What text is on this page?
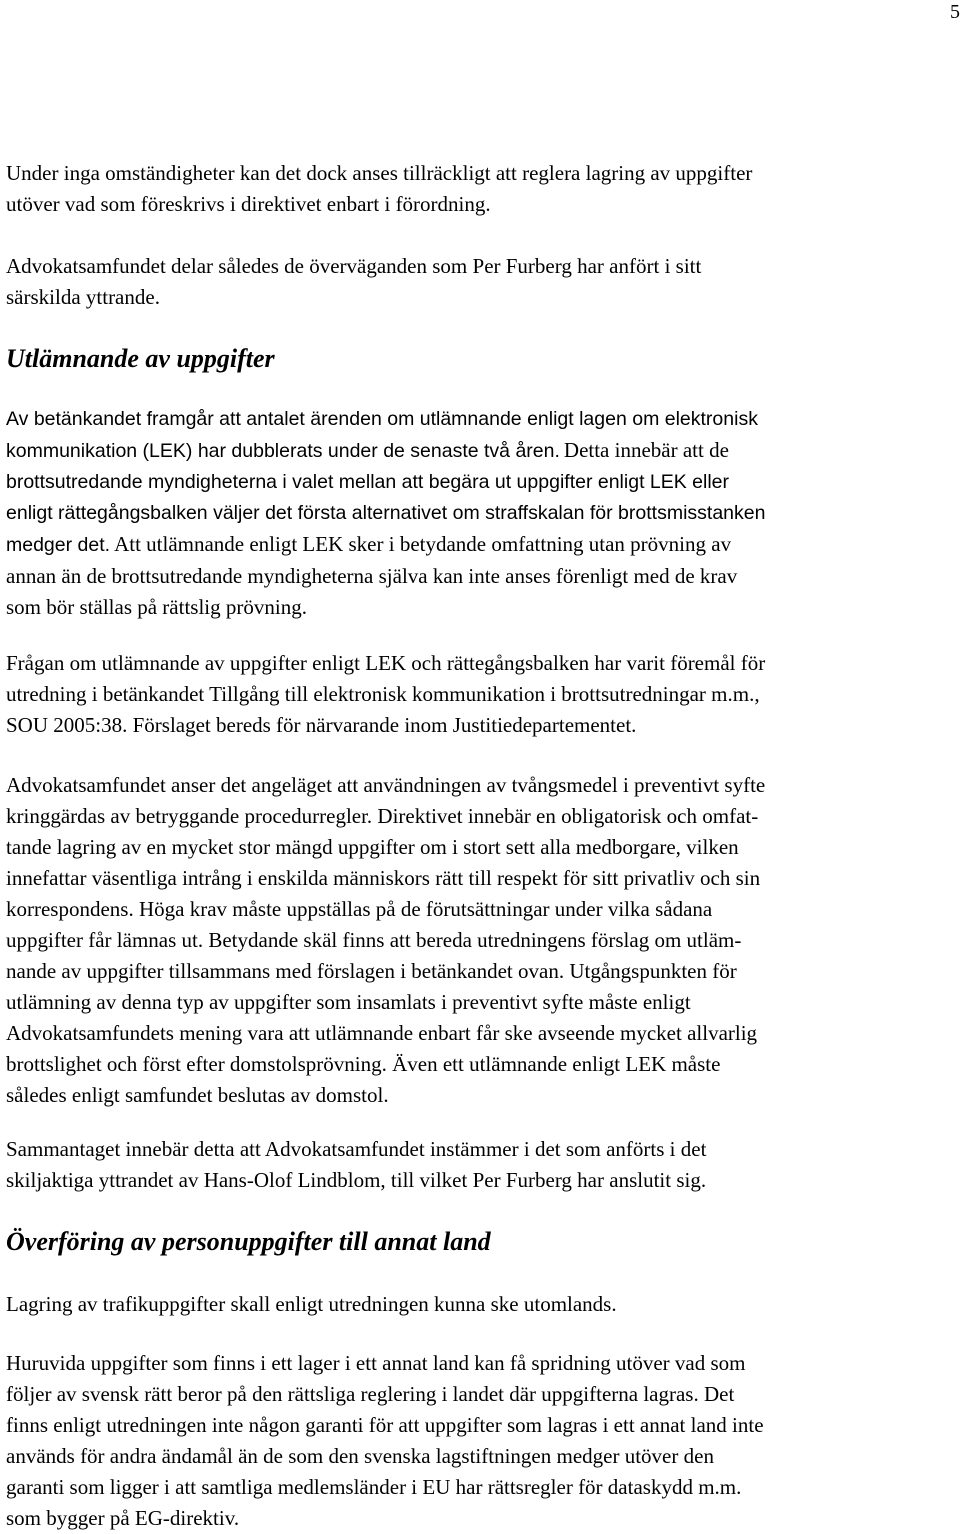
5
Under inga omständigheter kan det dock anses tillräckligt att reglera lagring av uppgifter
utöver vad som föreskrivs i direktivet enbart i förordning.
Advokatsamfundet delar således de överväganden som Per Furberg har anfört i sitt
särskilda yttrande.
Utlämnande av uppgifter
Av betänkandet framgår att antalet ärenden om utlämnande enligt lagen om elektronisk
kommunikation (LEK) har dubblerats under de senaste två åren. Detta innebär att de
brottsutredande myndigheterna i valet mellan att begära ut uppgifter enligt LEK eller
enligt rättegångsbalken väljer det första alternativet om straffskalan för brottsmisstanken
medger det. Att utlämnande enligt LEK sker i betydande omfattning utan prövning av
annan än de brottsutredande myndigheterna själva kan inte anses förenligt med de krav
som bör ställas på rättslig prövning.
Frågan om utlämnande av uppgifter enligt LEK och rättegångsbalken har varit föremål för
utredning i betänkandet Tillgång till elektronisk kommunikation i brottsutredningar m.m.,
SOU 2005:38. Förslaget bereds för närvarande inom Justitiedepartementet.
Advokatsamfundet anser det angeläget att användningen av tvångsmedel i preventivt syfte
kringgärdas av betryggande procedurregler. Direktivet innebär en obligatorisk och omfat-
tande lagring av en mycket stor mängd uppgifter om i stort sett alla medborgare, vilken
innefattar väsentliga intrång i enskilda människors rätt till respekt för sitt privatliv och sin
korrespondens. Höga krav måste uppställas på de förutsättningar under vilka sådana
uppgifter får lämnas ut. Betydande skäl finns att bereda utredningens förslag om utläm-
nande av uppgifter tillsammans med förslagen i betänkandet ovan. Utgångspunkten för
utlämning av denna typ av uppgifter som insamlats i preventivt syfte måste enligt
Advokatsamfundets mening vara att utlämnande enbart får ske avseende mycket allvarlig
brottslighet och först efter domstolsprövning. Även ett utlämnande enligt LEK måste
således enligt samfundet beslutas av domstol.
Sammantaget innebär detta att Advokatsamfundet instämmer i det som anförts i det
skiljaktiga yttrandet av Hans-Olof Lindblom, till vilket Per Furberg har anslutit sig.
Överföring av personuppgifter till annat land
Lagring av trafikuppgifter skall enligt utredningen kunna ske utomlands.
Huruvida uppgifter som finns i ett lager i ett annat land kan få spridning utöver vad som
följer av svensk rätt beror på den rättsliga reglering i landet där uppgifterna lagras. Det
finns enligt utredningen inte någon garanti för att uppgifter som lagras i ett annat land inte
används för andra ändamål än de som den svenska lagstiftningen medger utöver den
garanti som ligger i att samtliga medlemsländer i EU har rättsregler för dataskydd m.m.
som bygger på EG-direktiv.
